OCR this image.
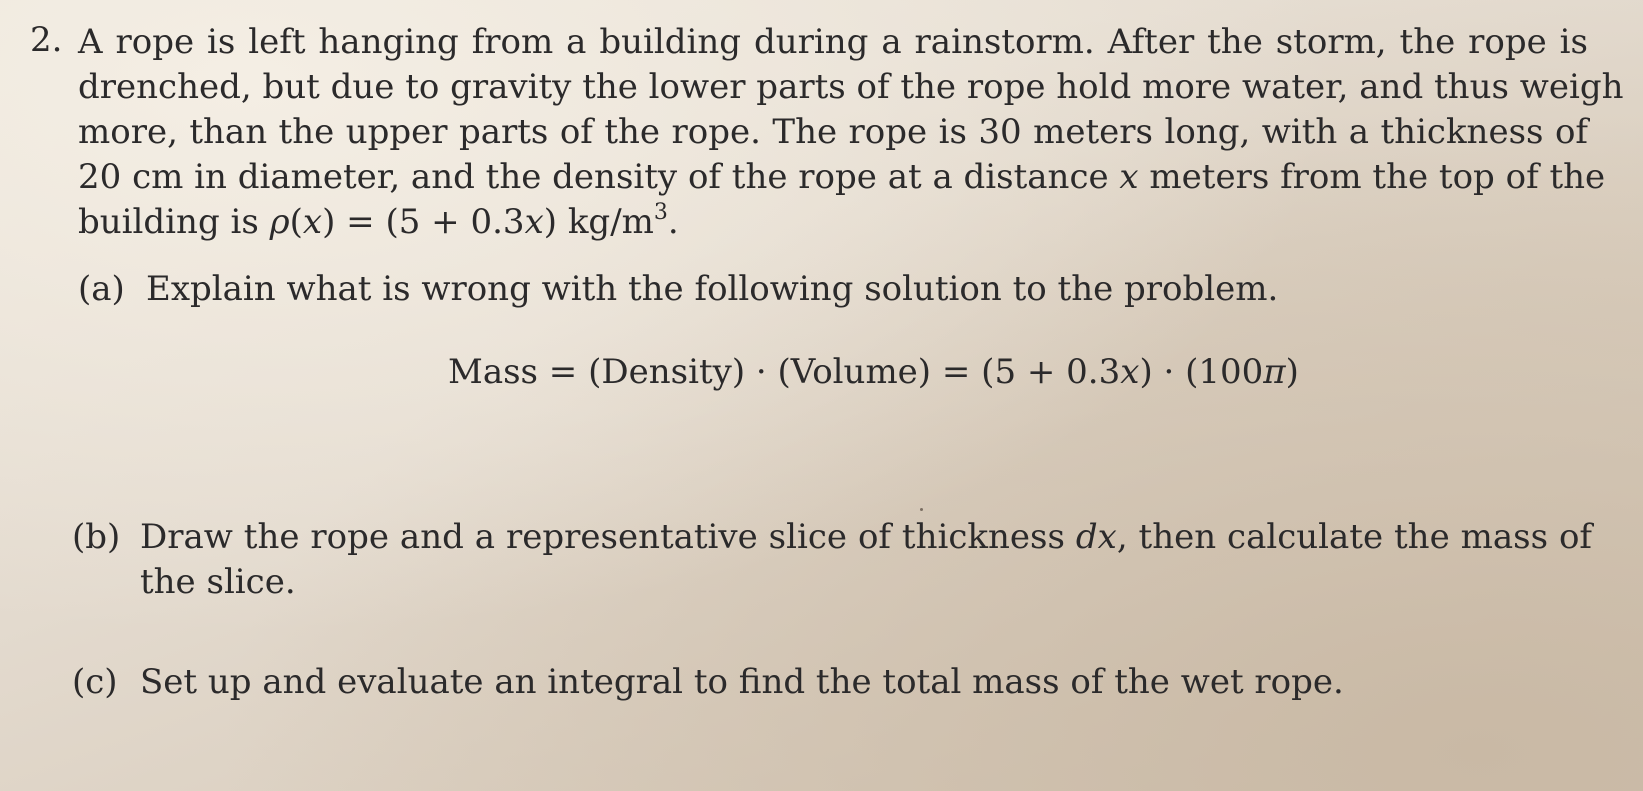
2. A rope is left hanging from a building during a rainstorm. After the storm, the rope is
drenched, but due to gravity the lower parts of the rope hold more water, and thus weigh
more, than the upper parts of the rope. The rope is 30 meters long, with a thickness of
20 cm in diameter, and the density of the rope at a distance x meters from the top of the
building is ρ(x) = (5 + 0.3x) $kg/m^3$.
(a) Explain what is wrong with the following solution to the problem.
Mass = (Density) · (Volume) = (5 + 0.3x) · (100π)
(b) Draw the rope and a representative slice of thickness dx, then calculate the mass of
the slice.
(c) Set up and evaluate an integral to find the total mass of the wet rope.
